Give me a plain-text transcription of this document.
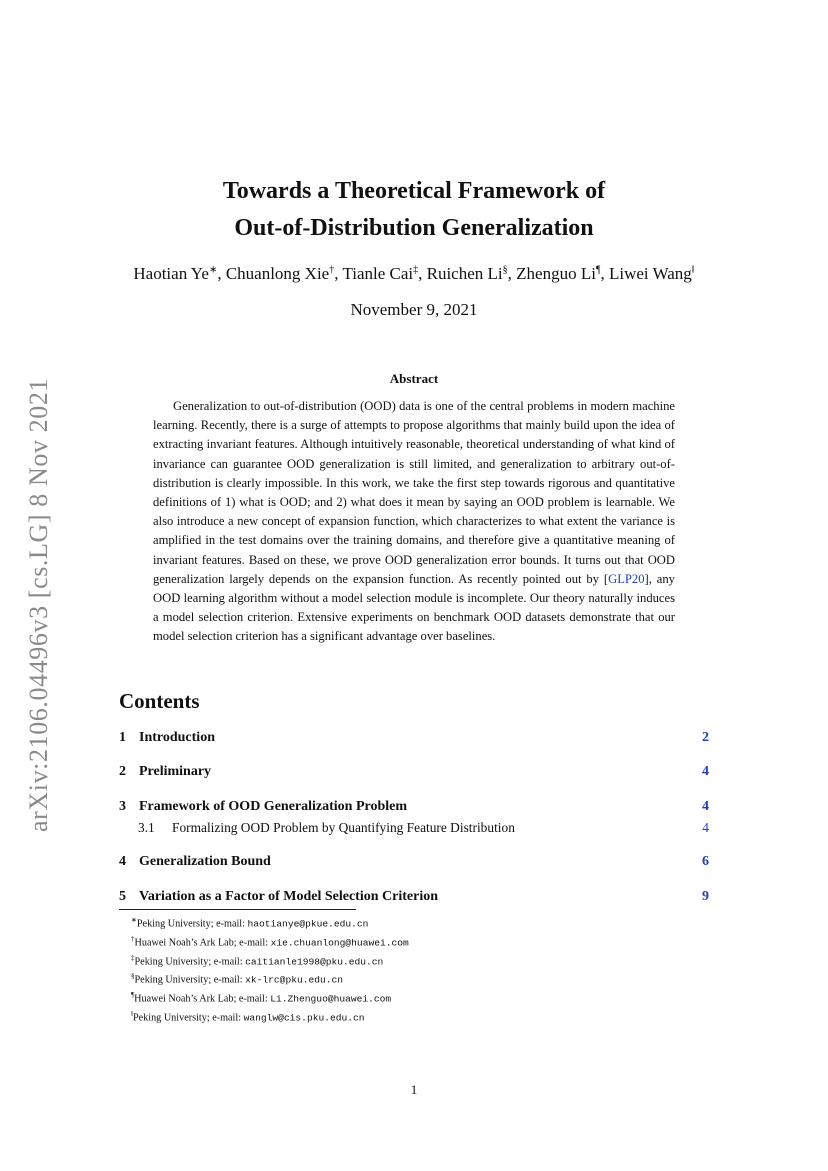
arXiv:2106.04496v3 [cs.LG] 8 Nov 2021
Towards a Theoretical Framework of
Out-of-Distribution Generalization
Haotian Ye∗, Chuanlong Xie†, Tianle Cai‡, Ruichen Li§, Zhenguo Li¶, Liwei Wang‖
November 9, 2021
Abstract
Generalization to out-of-distribution (OOD) data is one of the central problems in modern machine learning. Recently, there is a surge of attempts to propose algorithms that mainly build upon the idea of extracting invariant features. Although intuitively reasonable, theoretical understanding of what kind of invariance can guarantee OOD generalization is still limited, and generalization to arbitrary out-of-distribution is clearly impossible. In this work, we take the first step towards rigorous and quantitative definitions of 1) what is OOD; and 2) what does it mean by saying an OOD problem is learnable. We also introduce a new concept of expansion function, which characterizes to what extent the variance is amplified in the test domains over the training domains, and therefore give a quantitative meaning of invariant features. Based on these, we prove OOD generalization error bounds. It turns out that OOD generalization largely depends on the expansion function. As recently pointed out by [GLP20], any OOD learning algorithm without a model selection module is incomplete. Our theory naturally induces a model selection criterion. Extensive experiments on benchmark OOD datasets demonstrate that our model selection criterion has a significant advantage over baselines.
Contents
1 Introduction	2
2 Preliminary	4
3 Framework of OOD Generalization Problem	4
3.1 Formalizing OOD Problem by Quantifying Feature Distribution	4
4 Generalization Bound	6
5 Variation as a Factor of Model Selection Criterion	9
∗Peking University; e-mail: haotianye@pkue.edu.cn
†Huawei Noah’s Ark Lab; e-mail: xie.chuanlong@huawei.com
‡Peking University; e-mail: caitianle1998@pku.edu.cn
§Peking University; e-mail: xk-lrc@pku.edu.cn
¶Huawei Noah’s Ark Lab; e-mail: Li.Zhenguo@huawei.com
‖Peking University; e-mail: wanglw@cis.pku.edu.cn
1
